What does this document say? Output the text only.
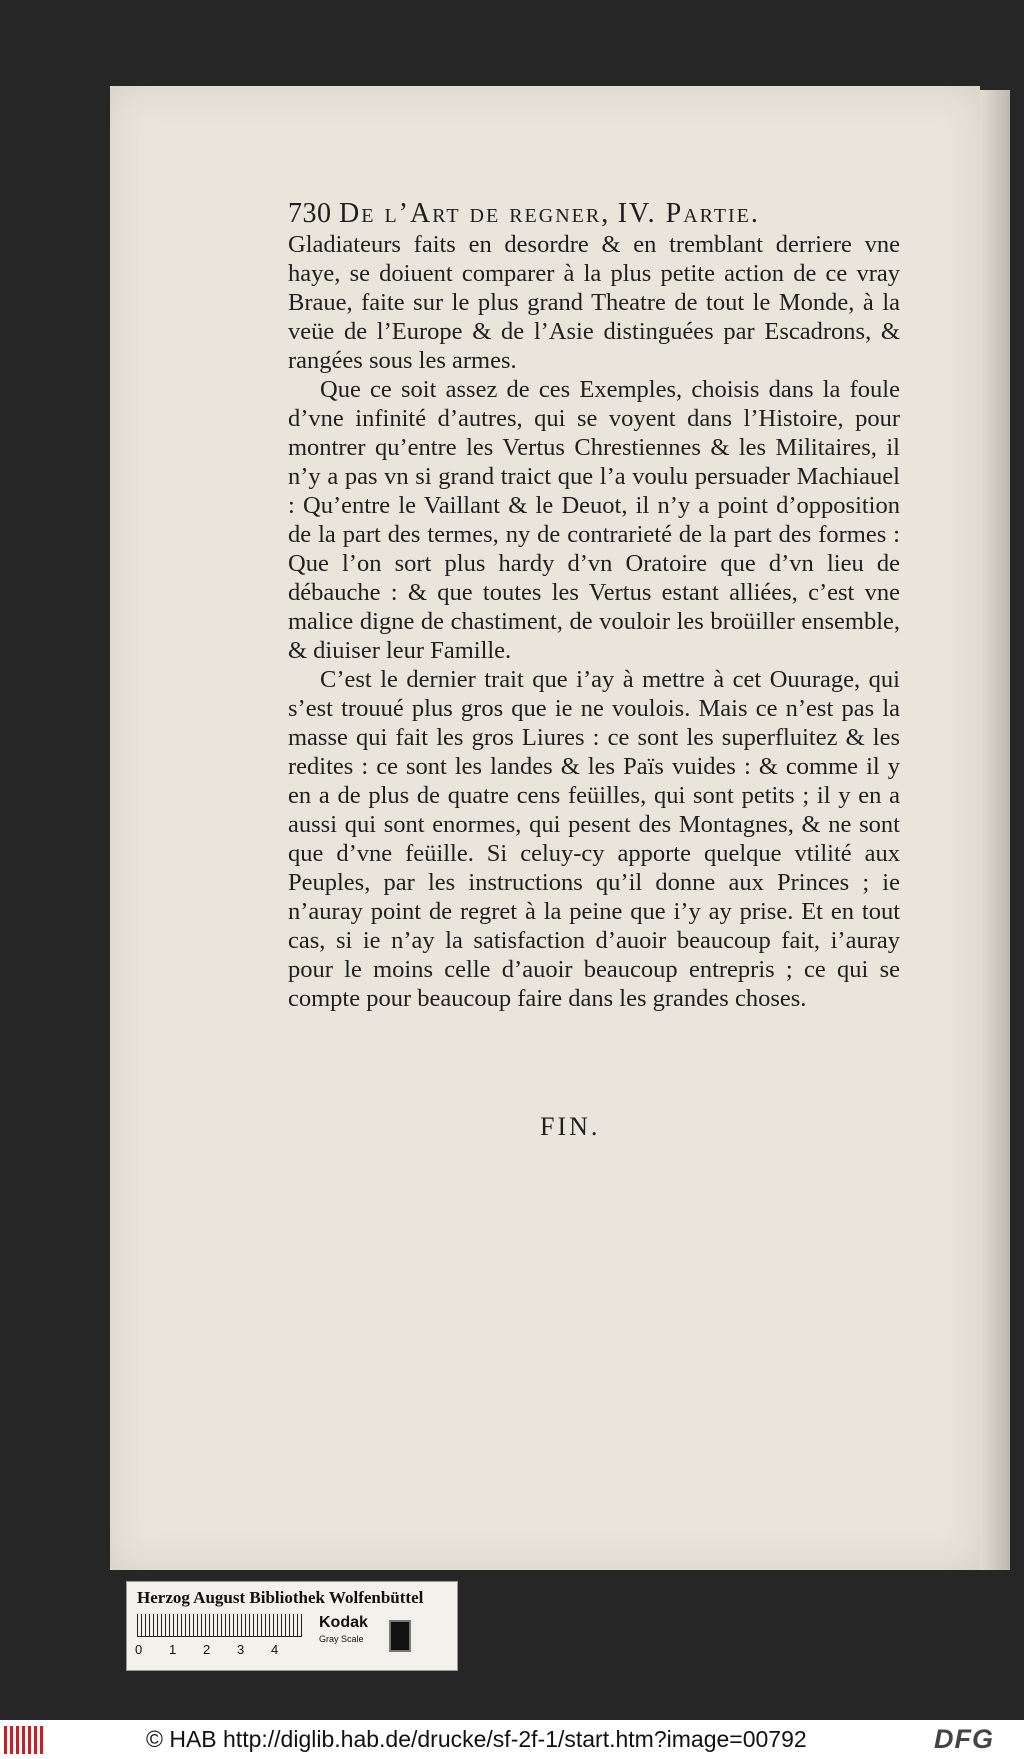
730 De l’Art de regner, IV. Partie.

Gladiateurs faits en desordre & en tremblant derriere vne haye, se doiuent comparer à la plus petite action de ce vray Braue, faite sur le plus grand Theatre de tout le Monde, à la veüe de l’Europe & de l’Asie distinguées par Escadrons, & rangées sous les armes.

Que ce soit assez de ces Exemples, choisis dans la foule d’vne infinité d’autres, qui se voyent dans l’Histoire, pour montrer qu’entre les Vertus Chrestiennes & les Militaires, il n’y a pas vn si grand traict que l’a voulu persuader Machiauel : Qu’entre le Vaillant & le Deuot, il n’y a point d’opposition de la part des termes, ny de contrarieté de la part des formes : Que l’on sort plus hardy d’vn Oratoire que d’vn lieu de débauche : & que toutes les Vertus estant alliées, c’est vne malice digne de chastiment, de vouloir les broüiller ensemble, & diuiser leur Famille.

C’est le dernier trait que i’ay à mettre à cet Ouurage, qui s’est trouué plus gros que ie ne voulois. Mais ce n’est pas la masse qui fait les gros Liures : ce sont les superfluitez & les redites : ce sont les landes & les Païs vuides : & comme il y en a de plus de quatre cens feüilles, qui sont petits ; il y en a aussi qui sont enormes, qui pesent des Montagnes, & ne sont que d’vne feüille. Si celuy-cy apporte quelque vtilité aux Peuples, par les instructions qu’il donne aux Princes ; ie n’auray point de regret à la peine que i’y ay prise. Et en tout cas, si ie n’ay la satisfaction d’auoir beaucoup fait, i’auray pour le moins celle d’auoir beaucoup entrepris ; ce qui se compte pour beaucoup faire dans les grandes choses.

FIN.
Herzog August Bibliothek Wolfenbüttel
0 1 2 3 4
Kodak
Gray Scale
© HAB http://diglib.hab.de/drucke/sf-2f-1/start.htm?image=00792	DFG
